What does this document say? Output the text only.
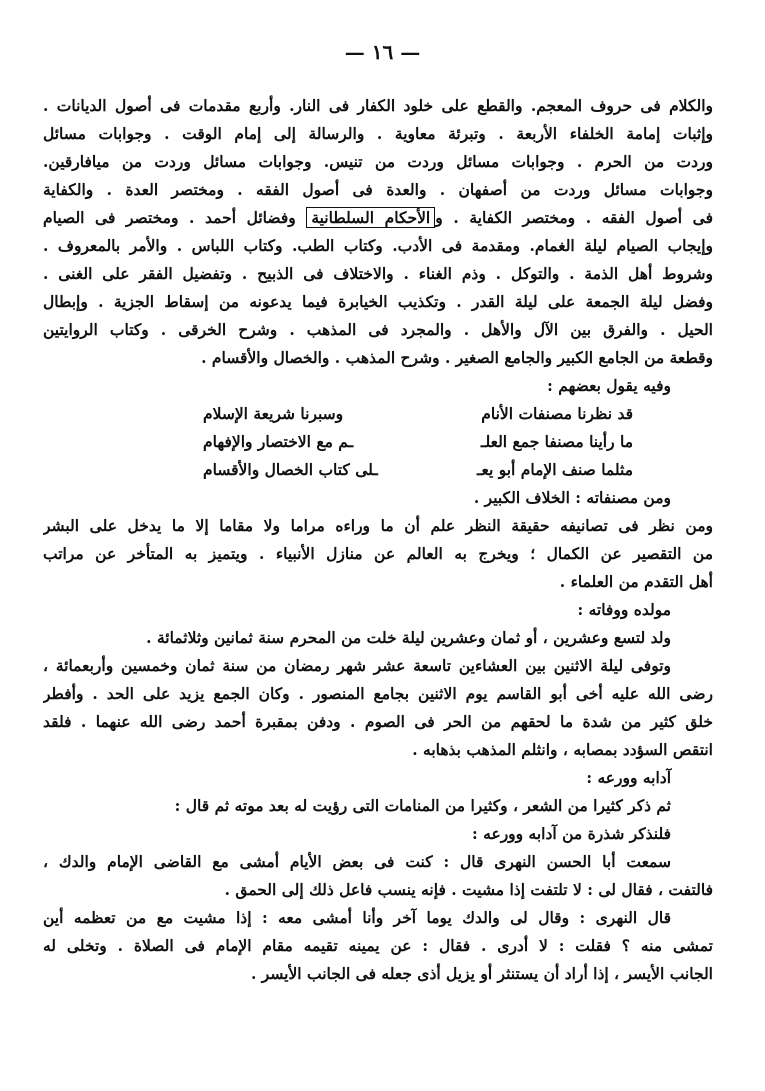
— ١٦ —
والكلام فى حروف المعجم. والقطع على خلود الكفار فى النار. وأربع مقدمات فى أصول الديانات .
وإثبات إمامة الخلفاء الأربعة . وتبرئة معاوية . والرسالة إلى إمام الوقت . وجوابات مسائل
وردت من الحرم . وجوابات مسائل وردت من تنيس. وجوابات مسائل وردت من ميافارقين.
وجوابات مسائل وردت من أصفهان . والعدة فى أصول الفقه . ومختصر العدة . والكفاية
فى أصول الفقه . ومختصر الكفاية . والأحكام السلطانية وفضائل أحمد . ومختصر فى الصيام
وإيجاب الصيام ليلة الغمام. ومقدمة فى الأدب. وكتاب الطب. وكتاب اللباس . والأمر بالمعروف .
وشروط أهل الذمة . والتوكل . وذم الغناء . والاختلاف فى الذبيح . وتفضيل الفقر على الغنى .
وفضل ليلة الجمعة على ليلة القدر . وتكذيب الخيابرة فيما يدعونه من إسقاط الجزية . وإبطال
الحيل . والفرق بين الآل والأهل . والمجرد فى المذهب . وشرح الخرقى . وكتاب الروايتين
وقطعة من الجامع الكبير والجامع الصغير . وشرح المذهب . والخصال والأقسام .
وفيه يقول بعضهم :
قد نظرنا مصنفات الأنام
وسبرنا شريعة الإسلام
ما رأينا مصنفا جمع العلـ
ـم مع الاختصار والإفهام
مثلما صنف الإمام أبو يعـ
ـلى كتاب الخصال والأقسام
ومن مصنفاته : الخلاف الكبير .
ومن نظر فى تصانيفه حقيقة النظر علم أن ما وراءه مراما ولا مقاما إلا ما يدخل على البشر
من التقصير عن الكمال ؛ ويخرج به العالم عن منازل الأنبياء . ويتميز به المتأخر عن مراتب
أهل التقدم من العلماء .
مولده ووفاته :
ولد لتسع وعشرين ، أو ثمان وعشرين ليلة خلت من المحرم سنة ثمانين وثلاثمائة .
وتوفى ليلة الاثنين بين العشاءين تاسعة عشر شهر رمضان من سنة ثمان وخمسين وأربعمائة ،
رضى الله عليه أخى أبو القاسم يوم الاثنين بجامع المنصور . وكان الجمع يزيد على الحد . وأفطر
خلق كثير من شدة ما لحقهم من الحر فى الصوم . ودفن بمقبرة أحمد رضى الله عنهما . فلقد
انتقص السؤدد بمصابه ، وانثلم المذهب بذهابه .
آدابه وورعه :
ثم ذكر كثيرا من الشعر ، وكثيرا من المنامات التى رؤيت له بعد موته ثم قال :
فلنذكر شذرة من آدابه وورعه :
سمعت أبا الحسن النهرى قال : كنت فى بعض الأيام أمشى مع القاضى الإمام والدك ،
فالتفت ، فقال لى : لا تلتفت إذا مشيت . فإنه ينسب فاعل ذلك إلى الحمق .
قال النهرى : وقال لى والدك يوما آخر وأنا أمشى معه : إذا مشيت مع من تعظمه أين
تمشى منه ؟ فقلت : لا أدرى . فقال : عن يمينه تقيمه مقام الإمام فى الصلاة . وتخلى له
الجانب الأيسر ، إذا أراد أن يستنثر أو يزيل أذى جعله فى الجانب الأيسر .
